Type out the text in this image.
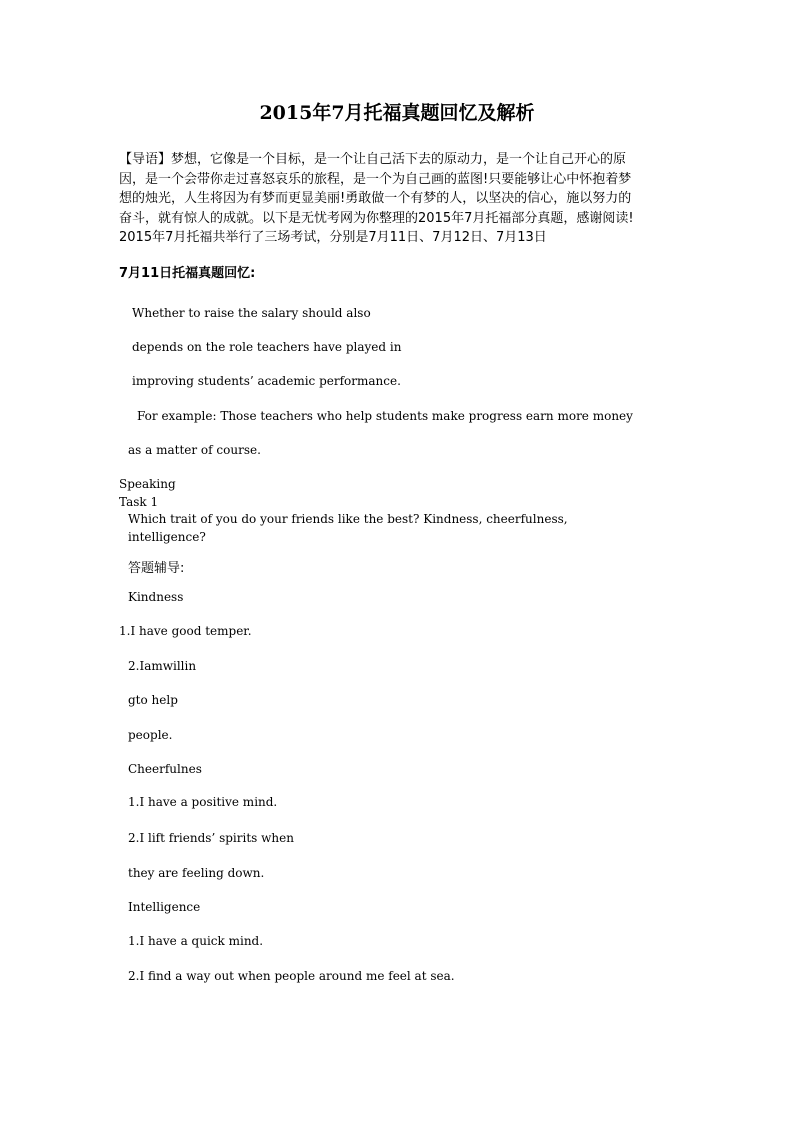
2015年7月托福真题回忆及解析

【导语】梦想，它像是一个目标，是一个让自己活下去的原动力，是一个让自己开心的原

因，是一个会带你走过喜怒哀乐的旅程，是一个为自己画的蓝图!只要能够让心中怀抱着梦

想的烛光，人生将因为有梦而更显美丽!勇敢做一个有梦的人，以坚决的信心，施以努力的

奋斗，就有惊人的成就。以下是无忧考网为你整理的2015年7月托福部分真题，感谢阅读!

2015年7月托福共举行了三场考试，分别是7月11日、7月12日、7月13日

7月11日托福真题回忆:
Whether to raise the salary should also
depends on the role teachers have played in
improving students’ academic performance.
For example: Those teachers who help students make progress earn more money
as a matter of course.
Speaking
Task 1
Which trait of you do your friends like the best? Kindness, cheerfulness,
intelligence?
答题辅导:
Kindness
1.I have good temper.
2.Iamwillin
gto help
people.
Cheerfulnes
1.I have a positive mind.
2.I lift friends’ spirits when
they are feeling down.
Intelligence
1.I have a quick mind.
2.I find a way out when people around me feel at sea.
